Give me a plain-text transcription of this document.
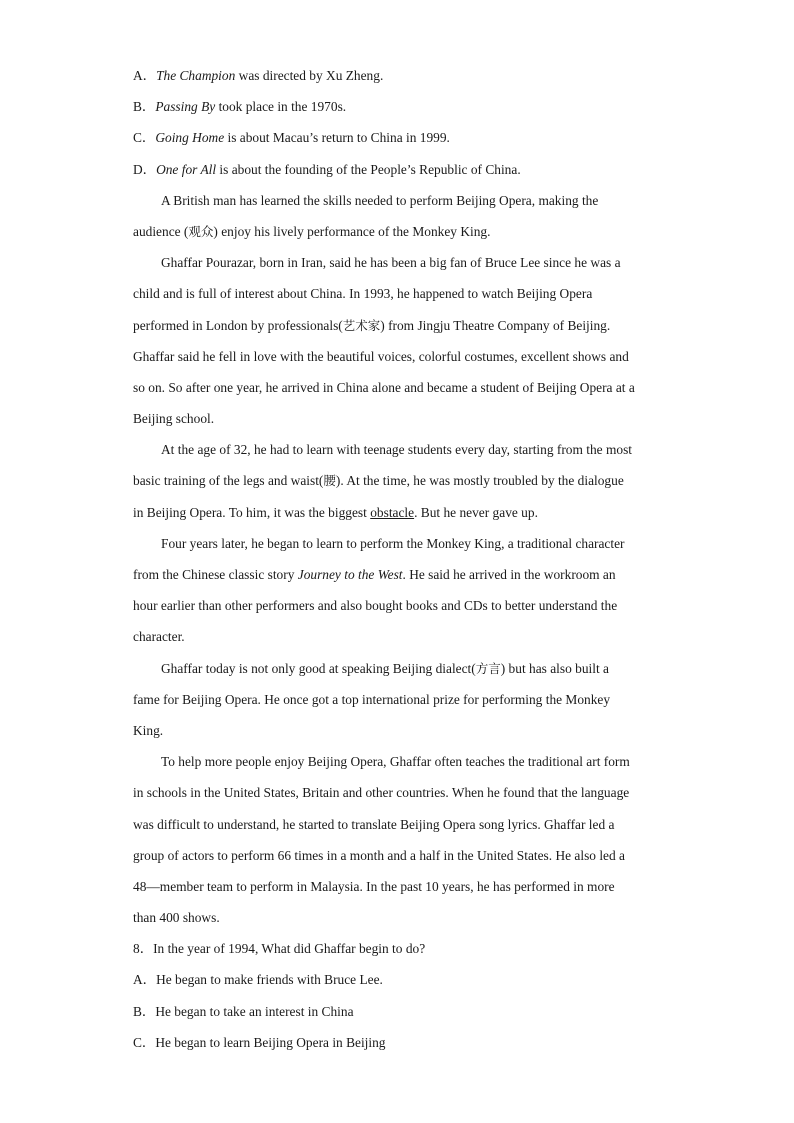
A．The Champion was directed by Xu Zheng.
B．Passing By took place in the 1970s.
C．Going Home is about Macau’s return to China in 1999.
D．One for All is about the founding of the People’s Republic of China.
A British man has learned the skills needed to perform Beijing Opera, making the
audience (观众) enjoy his lively performance of the Monkey King.
Ghaffar Pourazar, born in Iran, said he has been a big fan of Bruce Lee since he was a
child and is full of interest about China. In 1993, he happened to watch Beijing Opera
performed in London by professionals(艺术家) from Jingju Theatre Company of Beijing.
Ghaffar said he fell in love with the beautiful voices, colorful costumes, excellent shows and
so on. So after one year, he arrived in China alone and became a student of Beijing Opera at a
Beijing school.
At the age of 32, he had to learn with teenage students every day, starting from the most
basic training of the legs and waist(腰). At the time, he was mostly troubled by the dialogue
in Beijing Opera. To him, it was the biggest obstacle. But he never gave up.
Four years later, he began to learn to perform the Monkey King, a traditional character
from the Chinese classic story Journey to the West. He said he arrived in the workroom an
hour earlier than other performers and also bought books and CDs to better understand the
character.
Ghaffar today is not only good at speaking Beijing dialect(方言) but has also built a
fame for Beijing Opera. He once got a top international prize for performing the Monkey
King.
To help more people enjoy Beijing Opera, Ghaffar often teaches the traditional art form
in schools in the United States, Britain and other countries. When he found that the language
was difficult to understand, he started to translate Beijing Opera song lyrics. Ghaffar led a
group of actors to perform 66 times in a month and a half in the United States. He also led a
48—member team to perform in Malaysia. In the past 10 years, he has performed in more
than 400 shows.
8．In the year of 1994, What did Ghaffar begin to do?
A．He began to make friends with Bruce Lee.
B．He began to take an interest in China
C．He began to learn Beijing Opera in Beijing
